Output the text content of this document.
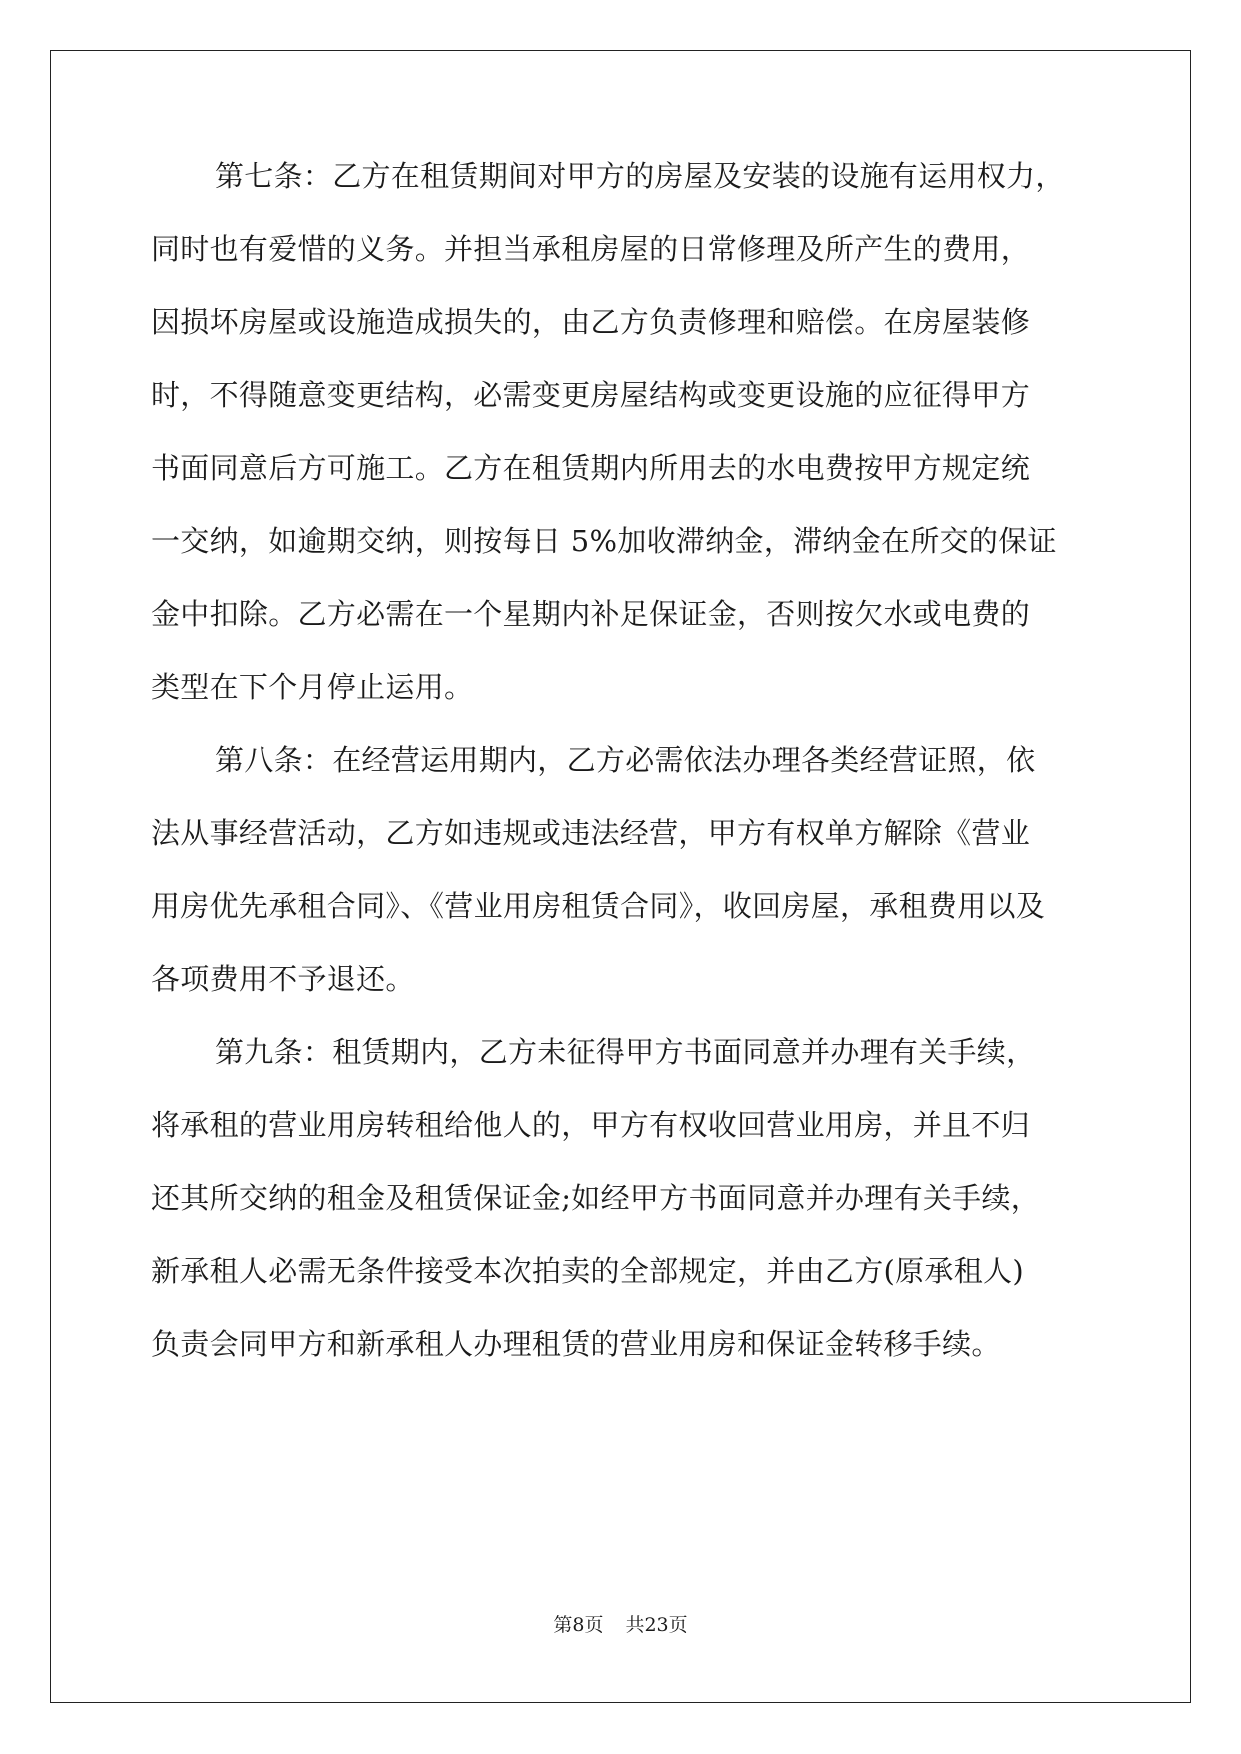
第七条：乙方在租赁期间对甲方的房屋及安装的设施有运用权力，
同时也有爱惜的义务。并担当承租房屋的日常修理及所产生的费用，
因损坏房屋或设施造成损失的，由乙方负责修理和赔偿。在房屋装修
时，不得随意变更结构，必需变更房屋结构或变更设施的应征得甲方
书面同意后方可施工。乙方在租赁期内所用去的水电费按甲方规定统
一交纳，如逾期交纳，则按每日 5%加收滞纳金，滞纳金在所交的保证
金中扣除。乙方必需在一个星期内补足保证金，否则按欠水或电费的
类型在下个月停止运用。
第八条：在经营运用期内，乙方必需依法办理各类经营证照，依
法从事经营活动，乙方如违规或违法经营，甲方有权单方解除《营业
用房优先承租合同》、《营业用房租赁合同》，收回房屋，承租费用以及
各项费用不予退还。
第九条：租赁期内，乙方未征得甲方书面同意并办理有关手续，
将承租的营业用房转租给他人的，甲方有权收回营业用房，并且不归
还其所交纳的租金及租赁保证金;如经甲方书面同意并办理有关手续，
新承租人必需无条件接受本次拍卖的全部规定，并由乙方(原承租人)
负责会同甲方和新承租人办理租赁的营业用房和保证金转移手续。
第8页 共23页
